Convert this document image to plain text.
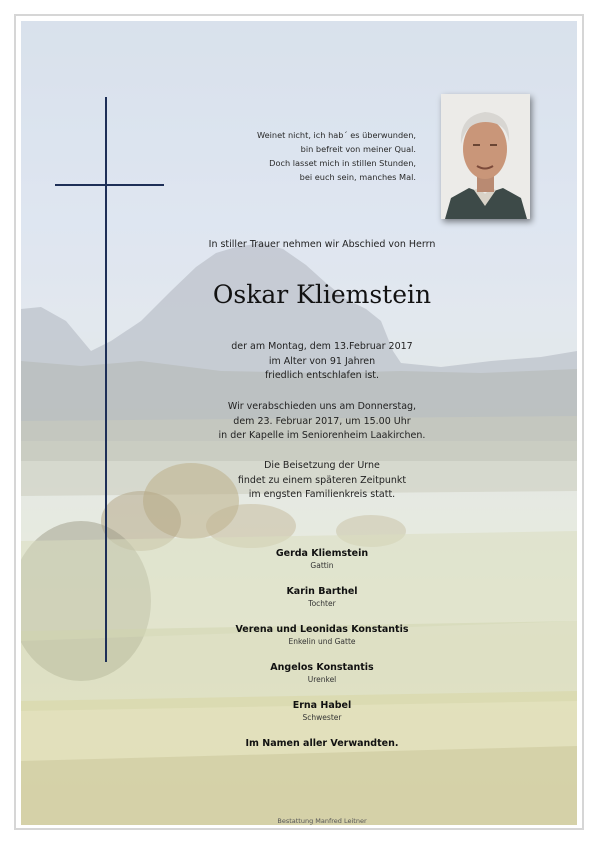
Weinet nicht, ich hab´ es überwunden,
bin befreit von meiner Qual.
Doch lasset mich in stillen Stunden,
bei euch sein, manches Mal.
In stiller Trauer nehmen wir Abschied von Herrn
Oskar Kliemstein
der am Montag, dem 13.Februar 2017
im Alter von 91 Jahren
friedlich entschlafen ist.
Wir verabschieden uns am Donnerstag,
dem 23. Februar 2017, um 15.00 Uhr
in der Kapelle im Seniorenheim Laakirchen.
Die Beisetzung der Urne
findet zu einem späteren Zeitpunkt
im engsten Familienkreis statt.
Gerda Kliemstein
Gattin
Karin Barthel
Tochter
Verena und Leonidas Konstantis
Enkelin und Gatte
Angelos Konstantis
Urenkel
Erna Habel
Schwester
Im Namen aller Verwandten.
Bestattung Manfred Leitner
